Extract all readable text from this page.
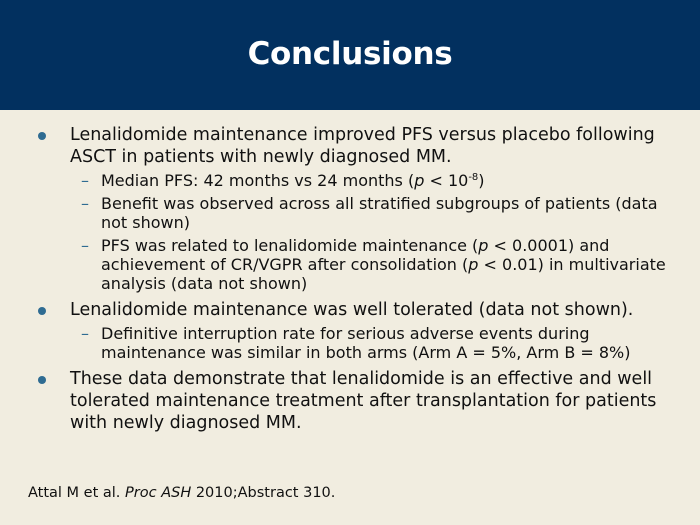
Conclusions
Lenalidomide maintenance improved PFS versus placebo following ASCT in patients with newly diagnosed MM.
– Median PFS: 42 months vs 24 months $(p < 10^{-8})$
– Benefit was observed across all stratified subgroups of patients (data not shown)
– PFS was related to lenalidomide maintenance (p < 0.0001) and achievement of CR/VGPR after consolidation (p < 0.01) in multivariate analysis (data not shown)
Lenalidomide maintenance was well tolerated (data not shown).
– Definitive interruption rate for serious adverse events during maintenance was similar in both arms (Arm A = 5%, Arm B = 8%)
These data demonstrate that lenalidomide is an effective and well tolerated maintenance treatment after transplantation for patients with newly diagnosed MM.
Attal M et al. Proc ASH 2010;Abstract 310.
